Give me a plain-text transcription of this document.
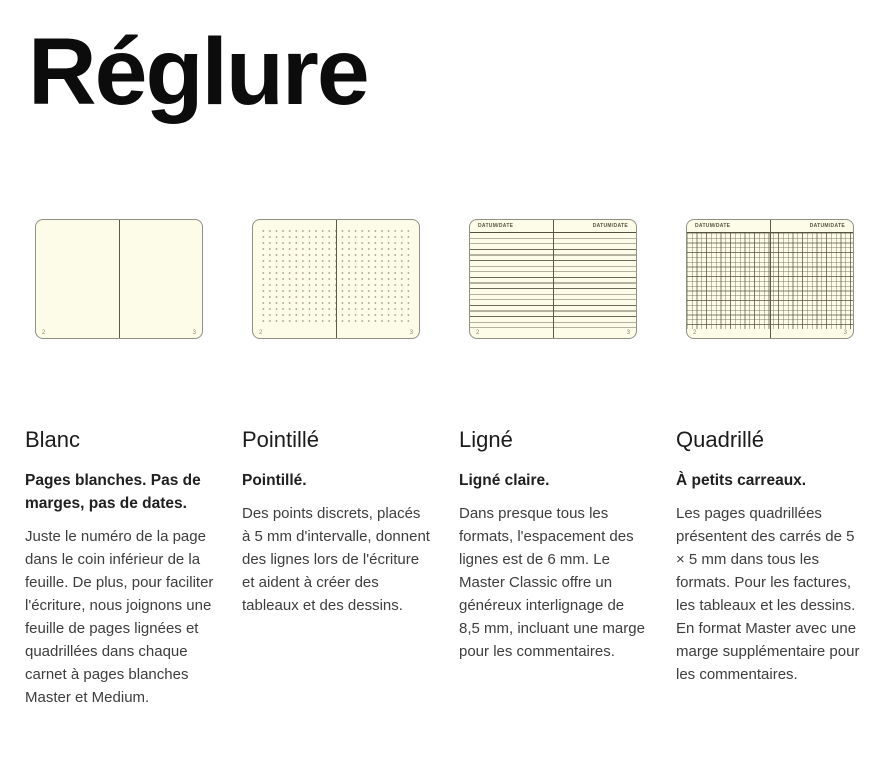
Réglure
2	3
Blanc
Pages blanches. Pas de marges, pas de dates.

Juste le numéro de la page dans le coin inférieur de la feuille. De plus, pour faciliter l'écriture, nous joignons une feuille de pages lignées et quadrillées dans chaque carnet à pages blanches Master et Medium.

2	3
Pointillé
Pointillé.

Des points discrets, placés à 5 mm d'intervalle, donnent des lignes lors de l'écriture et aident à créer des tableaux et des dessins.

DATUM/DATE	DATUM/DATE
2	3
Ligné
Ligné claire.

Dans presque tous les formats, l'espacement des lignes est de 6 mm. Le Master Classic offre un généreux interlignage de 8,5 mm, incluant une marge pour les commentaires.

DATUM/DATE	DATUM/DATE
2	3
Quadrillé
À petits carreaux.

Les pages quadrillées présentent des carrés de 5 × 5 mm dans tous les formats. Pour les factures, les tableaux et les dessins. En format Master avec une marge supplémentaire pour les commentaires.
